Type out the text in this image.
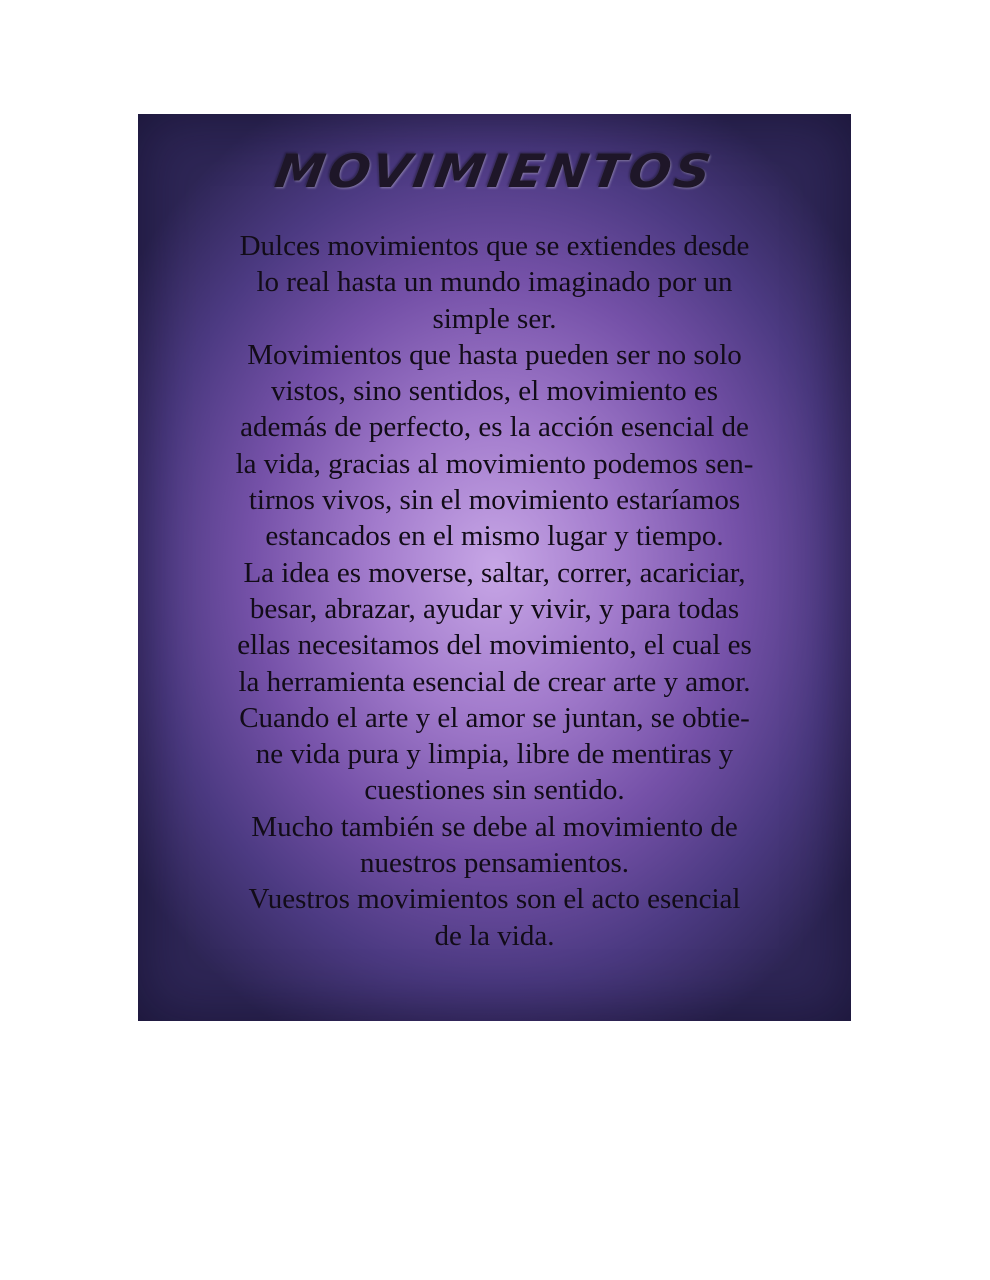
MOVIMIENTOS

Dulces movimientos que se extiendes desde
lo real hasta un mundo imaginado por un
simple ser.
Movimientos que hasta pueden ser no solo
vistos, sino sentidos, el movimiento es
además de perfecto, es la acción esencial de
la vida, gracias al movimiento podemos sen-
tirnos vivos, sin el movimiento estaríamos
estancados en el mismo lugar y tiempo.
La idea es moverse, saltar, correr, acariciar,
besar, abrazar, ayudar y vivir, y para todas
ellas necesitamos del movimiento, el cual es
la herramienta esencial de crear arte y amor.
Cuando el arte y el amor se juntan, se obtie-
ne vida pura y limpia, libre de mentiras y
cuestiones sin sentido.
Mucho también se debe al movimiento de
nuestros pensamientos.
Vuestros movimientos son el acto esencial
de la vida.
